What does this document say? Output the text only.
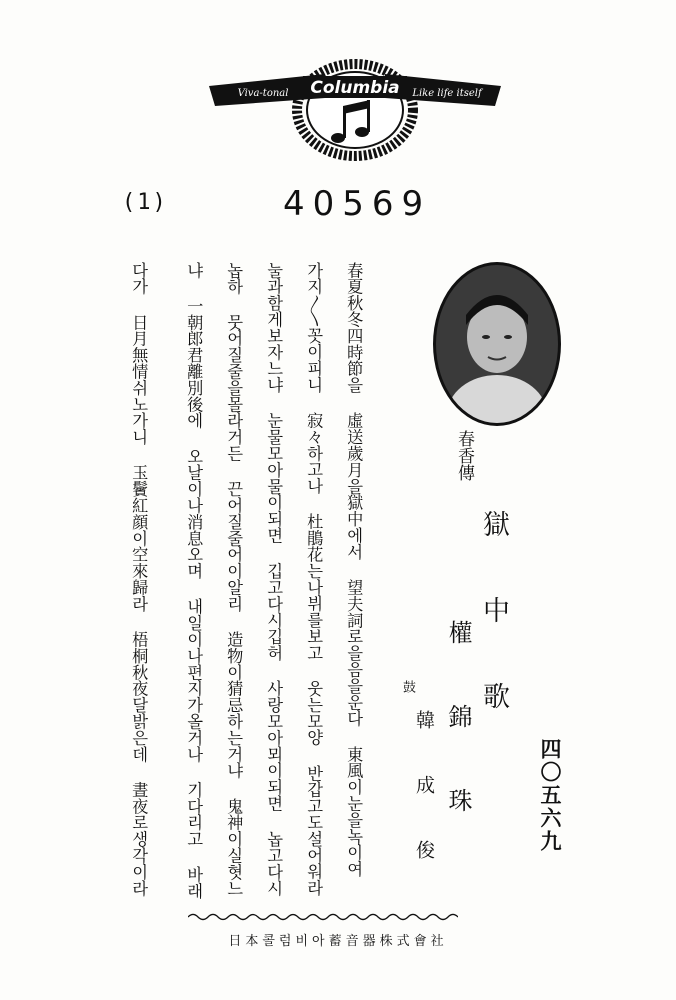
Columbia
Viva-tonal	Like life itself
(1)	40569
四〇五六九
獄 中 歌
權 錦 珠
春香傳
鼓
韓 成 俊
春夏秋冬四時節을 虛送歲月을獄中에서 望夫詞로을음을운다 東風이눈을녹이여
가지〳〵꼿이피니 寂々하고나 杜鵑花는나뷔를보고 웃는모양 반갑고도설어워라
눌과함게보자느냐 눈물모아물이되면 깁고다시깁허 사랑모아뫼이되면 놉고다시
놉하 뭇어질줄을몰라거든 끈어질줄어이알리 造物이猜忌하는거냐 鬼神이실혓느
냐 一朝郎君離別後에 오날이나消息오며 내일이나편지가올거나 기다리고 바래
다가 日月無情쉬노가니 玉鬢紅顔이空來歸라 梧桐秋夜달밝은데 晝夜로생각이라
日本콜럼비아蓄音器株式會社
